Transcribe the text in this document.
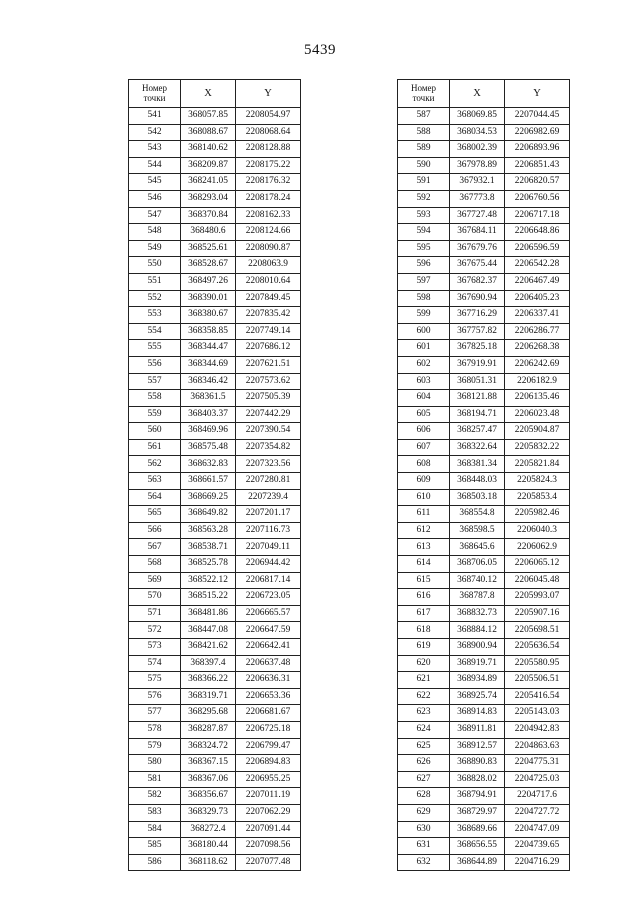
5439
Номер
точки	X	Y
541	368057.85	2208054.97
542	368088.67	2208068.64
543	368140.62	2208128.88
544	368209.87	2208175.22
545	368241.05	2208176.32
546	368293.04	2208178.24
547	368370.84	2208162.33
548	368480.6	2208124.66
549	368525.61	2208090.87
550	368528.67	2208063.9
551	368497.26	2208010.64
552	368390.01	2207849.45
553	368380.67	2207835.42
554	368358.85	2207749.14
555	368344.47	2207686.12
556	368344.69	2207621.51
557	368346.42	2207573.62
558	368361.5	2207505.39
559	368403.37	2207442.29
560	368469.96	2207390.54
561	368575.48	2207354.82
562	368632.83	2207323.56
563	368661.57	2207280.81
564	368669.25	2207239.4
565	368649.82	2207201.17
566	368563.28	2207116.73
567	368538.71	2207049.11
568	368525.78	2206944.42
569	368522.12	2206817.14
570	368515.22	2206723.05
571	368481.86	2206665.57
572	368447.08	2206647.59
573	368421.62	2206642.41
574	368397.4	2206637.48
575	368366.22	2206636.31
576	368319.71	2206653.36
577	368295.68	2206681.67
578	368287.87	2206725.18
579	368324.72	2206799.47
580	368367.15	2206894.83
581	368367.06	2206955.25
582	368356.67	2207011.19
583	368329.73	2207062.29
584	368272.4	2207091.44
585	368180.44	2207098.56
586	368118.62	2207077.48
Номер
точки	X	Y
587	368069.85	2207044.45
588	368034.53	2206982.69
589	368002.39	2206893.96
590	367978.89	2206851.43
591	367932.1	2206820.57
592	367773.8	2206760.56
593	367727.48	2206717.18
594	367684.11	2206648.86
595	367679.76	2206596.59
596	367675.44	2206542.28
597	367682.37	2206467.49
598	367690.94	2206405.23
599	367716.29	2206337.41
600	367757.82	2206286.77
601	367825.18	2206268.38
602	367919.91	2206242.69
603	368051.31	2206182.9
604	368121.88	2206135.46
605	368194.71	2206023.48
606	368257.47	2205904.87
607	368322.64	2205832.22
608	368381.34	2205821.84
609	368448.03	2205824.3
610	368503.18	2205853.4
611	368554.8	2205982.46
612	368598.5	2206040.3
613	368645.6	2206062.9
614	368706.05	2206065.12
615	368740.12	2206045.48
616	368787.8	2205993.07
617	368832.73	2205907.16
618	368884.12	2205698.51
619	368900.94	2205636.54
620	368919.71	2205580.95
621	368934.89	2205506.51
622	368925.74	2205416.54
623	368914.83	2205143.03
624	368911.81	2204942.83
625	368912.57	2204863.63
626	368890.83	2204775.31
627	368828.02	2204725.03
628	368794.91	2204717.6
629	368729.97	2204727.72
630	368689.66	2204747.09
631	368656.55	2204739.65
632	368644.89	2204716.29
